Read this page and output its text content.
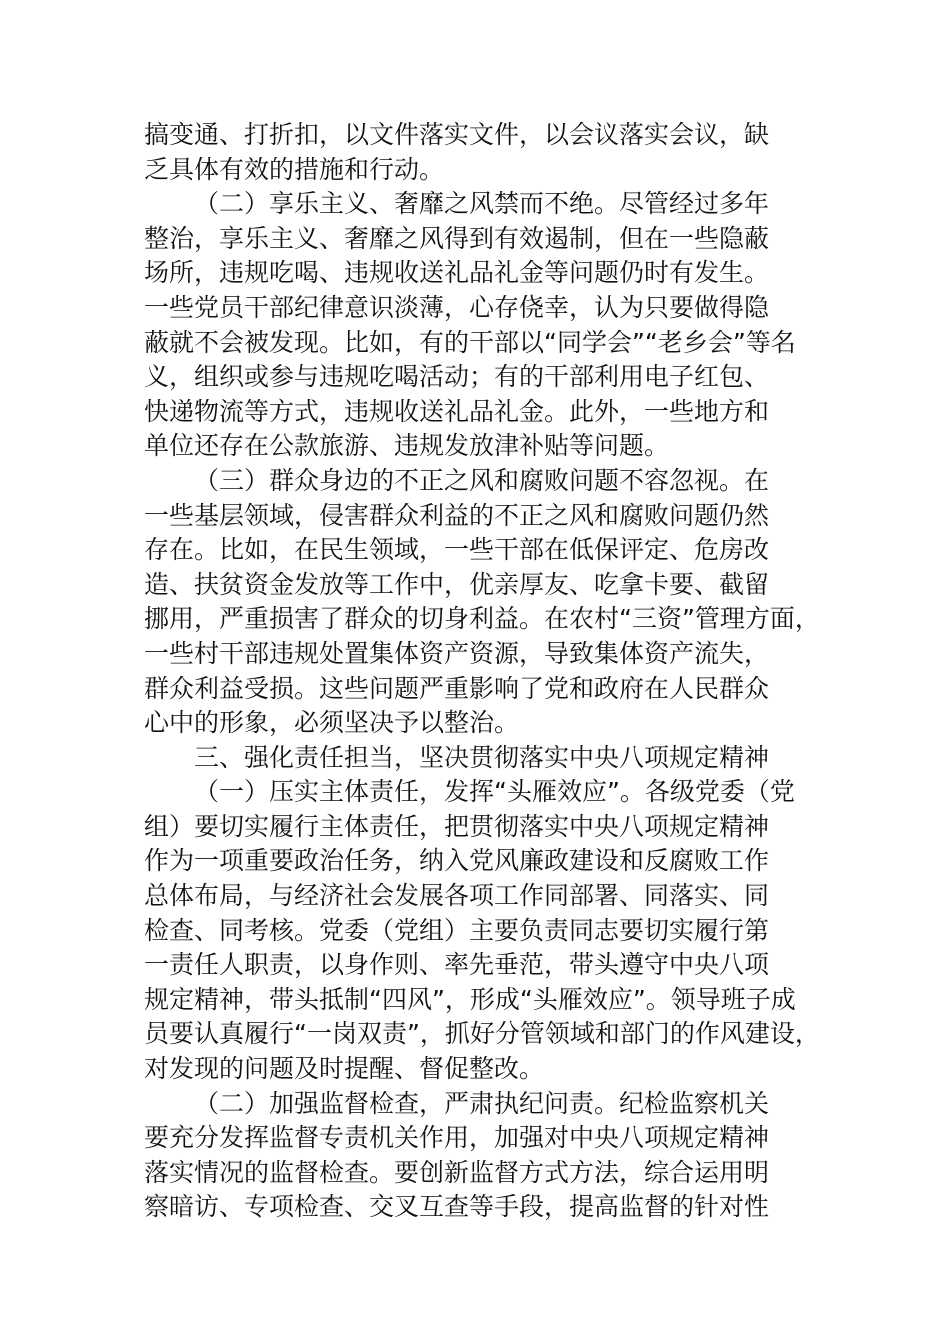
搞变通、打折扣，以文件落实文件，以会议落实会议，缺
乏具体有效的措施和行动。

（二）享乐主义、奢靡之风禁而不绝。尽管经过多年
整治，享乐主义、奢靡之风得到有效遏制，但在一些隐蔽
场所，违规吃喝、违规收送礼品礼金等问题仍时有发生。
一些党员干部纪律意识淡薄，心存侥幸，认为只要做得隐
蔽就不会被发现。比如，有的干部以“同学会”“老乡会”等名
义，组织或参与违规吃喝活动；有的干部利用电子红包、
快递物流等方式，违规收送礼品礼金。此外，一些地方和
单位还存在公款旅游、违规发放津补贴等问题。

（三）群众身边的不正之风和腐败问题不容忽视。在
一些基层领域，侵害群众利益的不正之风和腐败问题仍然
存在。比如，在民生领域，一些干部在低保评定、危房改
造、扶贫资金发放等工作中，优亲厚友、吃拿卡要、截留
挪用，严重损害了群众的切身利益。在农村“三资”管理方面，
一些村干部违规处置集体资产资源，导致集体资产流失，
群众利益受损。这些问题严重影响了党和政府在人民群众
心中的形象，必须坚决予以整治。

三、强化责任担当，坚决贯彻落实中央八项规定精神

（一）压实主体责任，发挥“头雁效应”。各级党委（党
组）要切实履行主体责任，把贯彻落实中央八项规定精神
作为一项重要政治任务，纳入党风廉政建设和反腐败工作
总体布局，与经济社会发展各项工作同部署、同落实、同
检查、同考核。党委（党组）主要负责同志要切实履行第
一责任人职责，以身作则、率先垂范，带头遵守中央八项
规定精神，带头抵制“四风”，形成“头雁效应”。领导班子成
员要认真履行“一岗双责”，抓好分管领域和部门的作风建设，
对发现的问题及时提醒、督促整改。

（二）加强监督检查，严肃执纪问责。纪检监察机关
要充分发挥监督专责机关作用，加强对中央八项规定精神
落实情况的监督检查。要创新监督方式方法，综合运用明
察暗访、专项检查、交叉互查等手段，提高监督的针对性
